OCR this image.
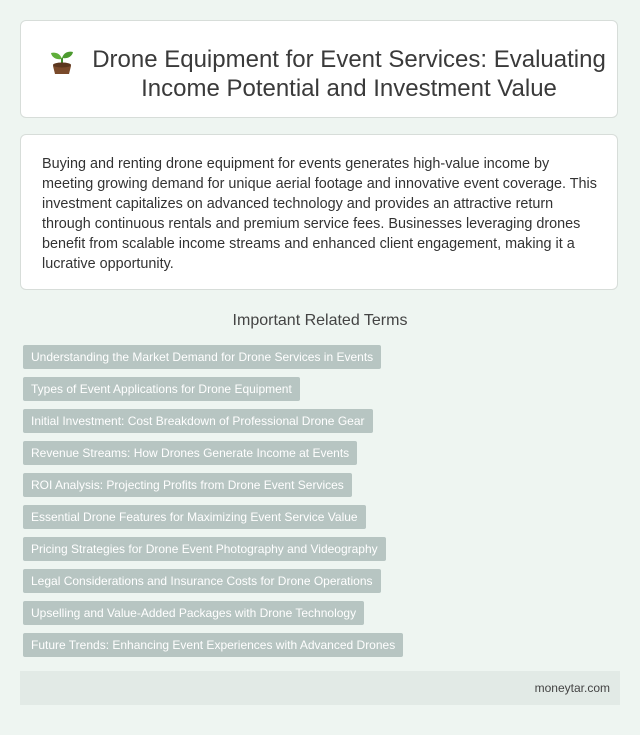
Drone Equipment for Event Services: Evaluating Income Potential and Investment Value

Buying and renting drone equipment for events generates high-value income by meeting growing demand for unique aerial footage and innovative event coverage. This investment capitalizes on advanced technology and provides an attractive return through continuous rentals and premium service fees. Businesses leveraging drones benefit from scalable income streams and enhanced client engagement, making it a lucrative opportunity.

Important Related Terms
Understanding the Market Demand for Drone Services in Events
Types of Event Applications for Drone Equipment
Initial Investment: Cost Breakdown of Professional Drone Gear
Revenue Streams: How Drones Generate Income at Events
ROI Analysis: Projecting Profits from Drone Event Services
Essential Drone Features for Maximizing Event Service Value
Pricing Strategies for Drone Event Photography and Videography
Legal Considerations and Insurance Costs for Drone Operations
Upselling and Value-Added Packages with Drone Technology
Future Trends: Enhancing Event Experiences with Advanced Drones
moneytar.com
